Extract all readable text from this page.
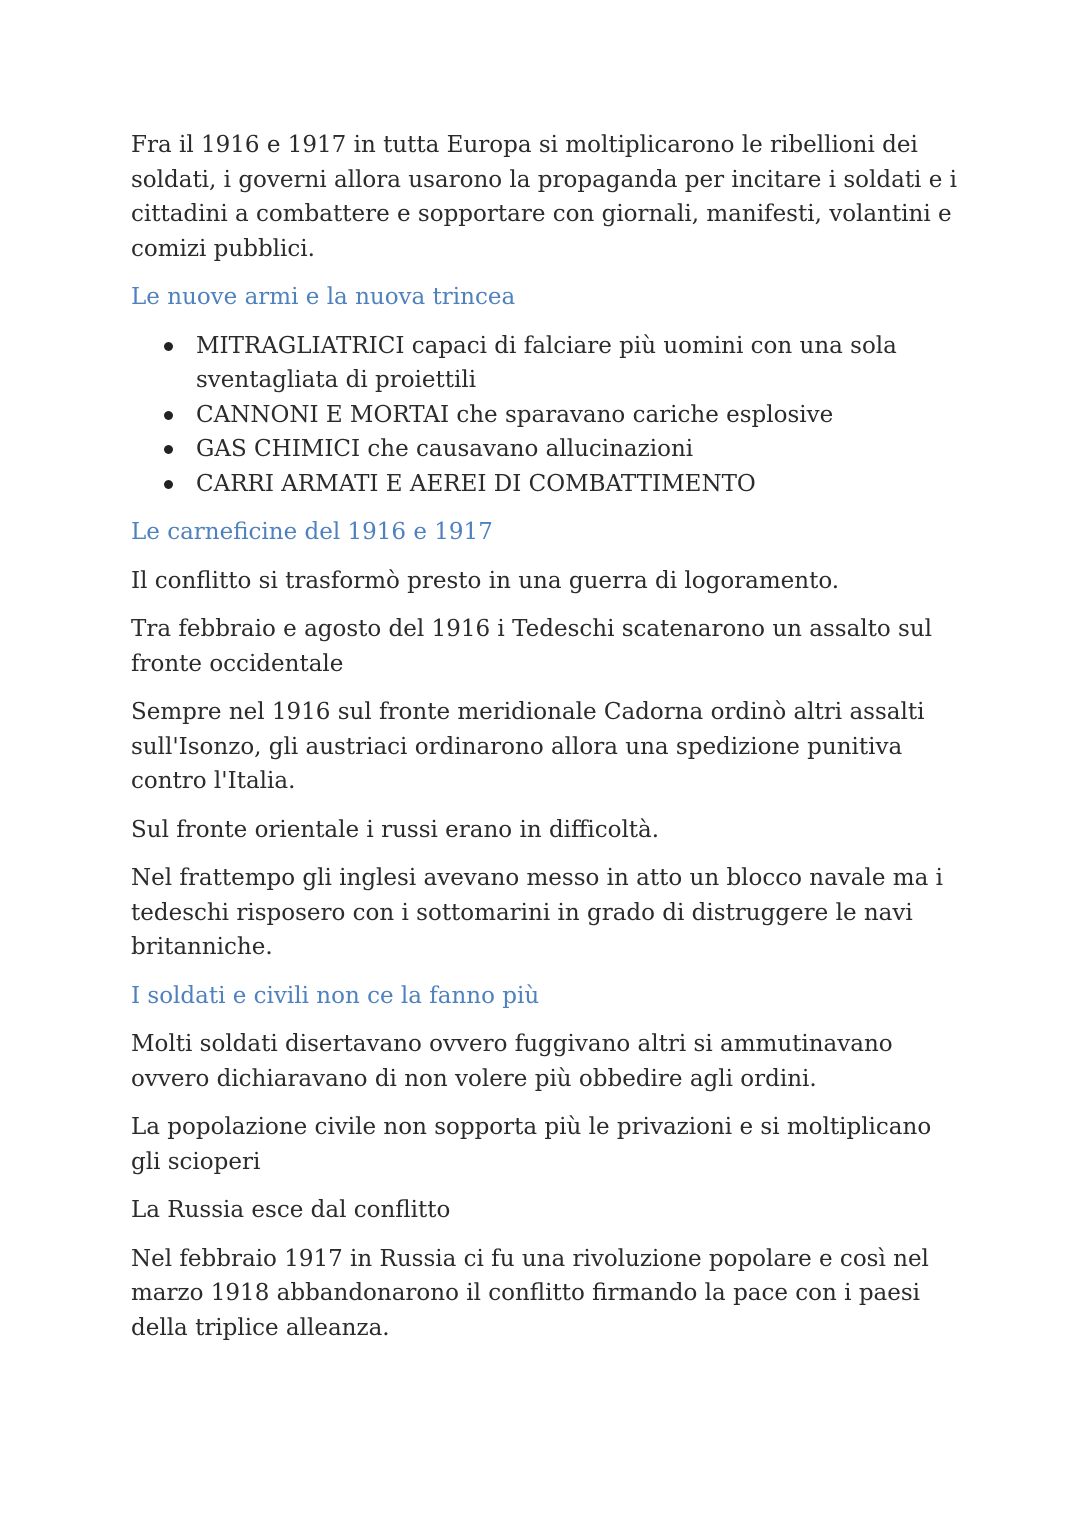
Fra il 1916 e 1917 in tutta Europa si moltiplicarono le ribellioni dei soldati, i governi allora usarono la propaganda per incitare i soldati e i cittadini a combattere e sopportare con giornali, manifesti, volantini e comizi pubblici.

Le nuove armi e la nuova trincea
MITRAGLIATRICI capaci di falciare più uomini con una sola sventagliata di proiettili
CANNONI E MORTAI che sparavano cariche esplosive
GAS CHIMICI che causavano allucinazioni
CARRI ARMATI E AEREI DI COMBATTIMENTO
Le carneficine del 1916 e 1917

Il conflitto si trasformò presto in una guerra di logoramento.

Tra febbraio e agosto del 1916 i Tedeschi scatenarono un assalto sul fronte occidentale

Sempre nel 1916 sul fronte meridionale Cadorna ordinò altri assalti sull'Isonzo, gli austriaci ordinarono allora una spedizione punitiva contro l'Italia.

Sul fronte orientale i russi erano in difficoltà.

Nel frattempo gli inglesi avevano messo in atto un blocco navale ma i tedeschi risposero con i sottomarini in grado di distruggere le navi britanniche.

I soldati e civili non ce la fanno più

Molti soldati disertavano ovvero fuggivano altri si ammutinavano ovvero dichiaravano di non volere più obbedire agli ordini.

La popolazione civile non sopporta più le privazioni e si moltiplicano gli scioperi

La Russia esce dal conflitto

Nel febbraio 1917 in Russia ci fu una rivoluzione popolare e così nel marzo 1918 abbandonarono il conflitto firmando la pace con i paesi della triplice alleanza.
